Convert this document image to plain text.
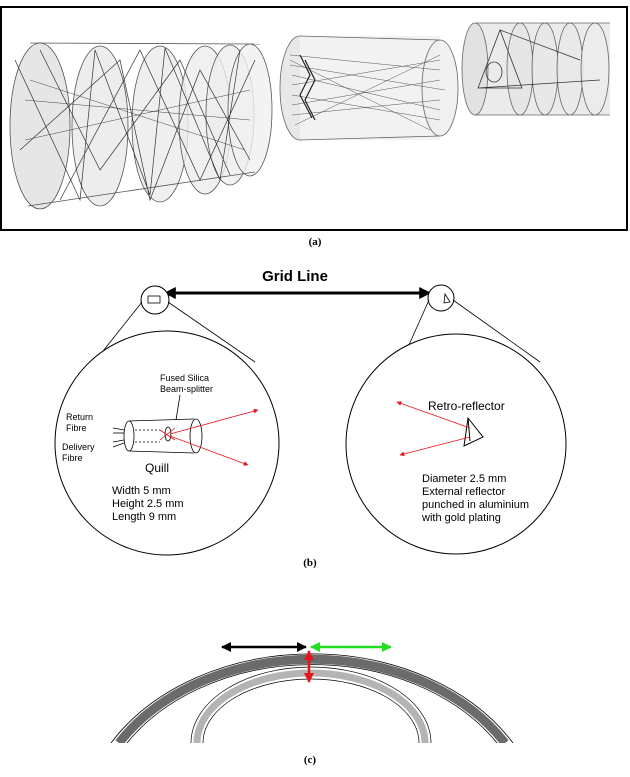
(a)
Grid Line
Fused Silica
Beam-splitter
Return
Fibre
Delivery
Fibre
Quill
Width 5 mm
Height 2.5 mm
Length 9 mm
Retro-reflector
Diameter 2.5 mm
External reflector
punched in aluminium
with gold plating
(b)
(c)
